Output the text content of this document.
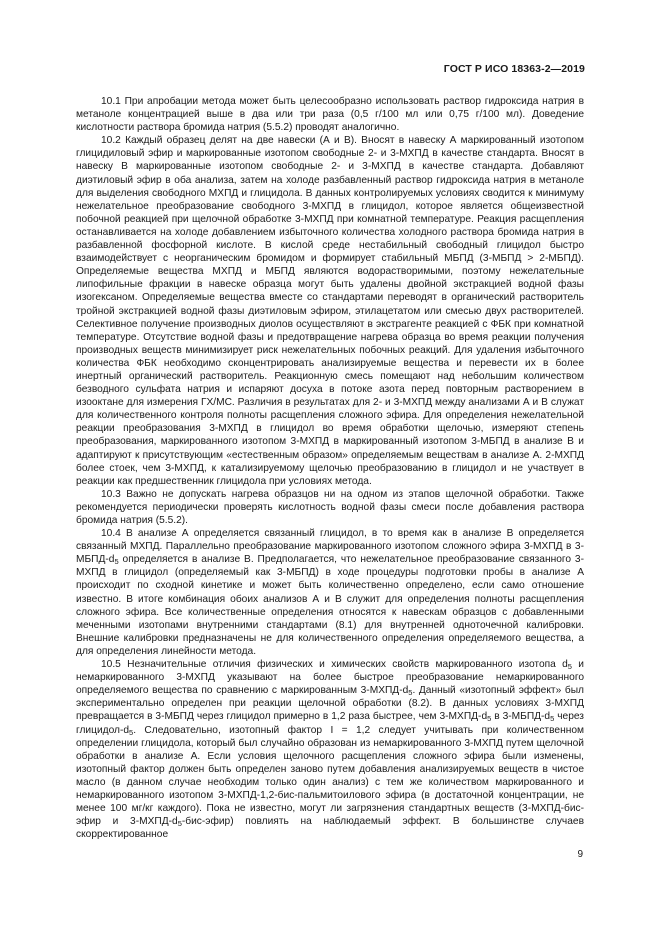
ГОСТ Р ИСО 18363-2—2019

10.1 При апробации метода может быть целесообразно использовать раствор гидроксида натрия в метаноле концентрацией выше в два или три раза (0,5 г/100 мл или 0,75 г/100 мл). Доведение кислотности раствора бромида натрия (5.5.2) проводят аналогично.

10.2 Каждый образец делят на две навески (А и В). Вносят в навеску А маркированный изотопом глицидиловый эфир и маркированные изотопом свободные 2- и 3-МХПД в качестве стандарта. Вносят в навеску В маркированные изотопом свободные 2- и 3-МХПД в качестве стандарта. Добавляют диэтиловый эфир в оба анализа, затем на холоде разбавленный раствор гидроксида натрия в метаноле для выделения свободного МХПД и глицидола. В данных контролируемых условиях сводится к минимуму нежелательное преобразование свободного 3-МХПД в глицидол, которое является общеизвестной побочной реакцией при щелочной обработке 3-МХПД при комнатной температуре. Реакция расщепления останавливается на холоде добавлением избыточного количества холодного раствора бромида натрия в разбавленной фосфорной кислоте. В кислой среде нестабильный свободный глицидол быстро взаимодействует с неорганическим бромидом и формирует стабильный МБПД (3-МБПД > 2-МБПД). Определяемые вещества МХПД и МБПД являются водорастворимыми, поэтому нежелательные липофильные фракции в навеске образца могут быть удалены двойной экстракцией водной фазы изогексаном. Определяемые вещества вместе со стандартами переводят в органический растворитель тройной экстракцией водной фазы диэтиловым эфиром, этилацетатом или смесью двух растворителей. Селективное получение производных диолов осуществляют в экстрагенте реакцией с ФБК при комнатной температуре. Отсутствие водной фазы и предотвращение нагрева образца во время реакции получения производных веществ минимизирует риск нежелательных побочных реакций. Для удаления избыточного количества ФБК необходимо сконцентрировать анализируемые вещества и перевести их в более инертный органический растворитель. Реакционную смесь помещают над небольшим количеством безводного сульфата натрия и испаряют досуха в потоке азота перед повторным растворением в изооктане для измерения ГХ/МС. Различия в результатах для 2- и 3-МХПД между анализами А и В служат для количественного контроля полноты расщепления сложного эфира. Для определения нежелательной реакции преобразования 3-МХПД в глицидол во время обработки щелочью, измеряют степень преобразования, маркированного изотопом 3-МХПД в маркированный изотопом 3-МБПД в анализе В и адаптируют к присутствующим «естественным образом» определяемым веществам в анализе А. 2-МХПД более стоек, чем 3-МХПД, к катализируемому щелочью преобразованию в глицидол и не участвует в реакции как предшественник глицидола при условиях метода.

10.3 Важно не допускать нагрева образцов ни на одном из этапов щелочной обработки. Также рекомендуется периодически проверять кислотность водной фазы смеси после добавления раствора бромида натрия (5.5.2).

10.4 В анализе А определяется связанный глицидол, в то время как в анализе В определяется связанный МХПД. Параллельно преобразование маркированного изотопом сложного эфира 3-МХПД в $3-МБПД-d_5$ определяется в анализе В. Предполагается, что нежелательное преобразование связанного 3-МХПД в глицидол (определяемый как 3-МБПД) в ходе процедуры подготовки пробы в анализе А происходит по сходной кинетике и может быть количественно определено, если само отношение известно. В итоге комбинация обоих анализов А и В служит для определения полноты расщепления сложного эфира. Все количественные определения относятся к навескам образцов с добавленными меченными изотопами внутренними стандартами (8.1) для внутренней одноточечной калибровки. Внешние калибровки предназначены не для количественного определения определяемого вещества, а для определения линейности метода.

10.5 Незначительные отличия физических и химических свойств маркированного изотопа $d_5$ и немаркированного 3-МХПД указывают на более быстрое преобразование немаркированного определяемого вещества по сравнению с маркированным $3-МХПД-d_5$. Данный «изотопный эффект» был экспериментально определен при реакции щелочной обработки (8.2). В данных условиях 3-МХПД превращается в 3-МБПД через глицидол примерно в 1,2 раза быстрее, чем $3-МХПД-d_5$ в $3-МБПД-d_5$ через глицидол-$d_5$. Следовательно, изотопный фактор I = 1,2 следует учитывать при количественном определении глицидола, который был случайно образован из немаркированного 3-МХПД путем щелочной обработки в анализе А. Если условия щелочного расщепления сложного эфира были изменены, изотопный фактор должен быть определен заново путем добавления анализируемых веществ в чистое масло (в данном случае необходим только один анализ) с тем же количеством маркированного и немаркированного изотопом 3-МХПД-1,2-бис-пальмитоилового эфира (в достаточной концентрации, не менее 100 мг/кг каждого). Пока не известно, могут ли загрязнения стандартных веществ (3-МХПД-бис-эфир и $3-МХПД-d_5-бис-эфир$) повлиять на наблюдаемый эффект. В большинстве случаев скорректированное

9
